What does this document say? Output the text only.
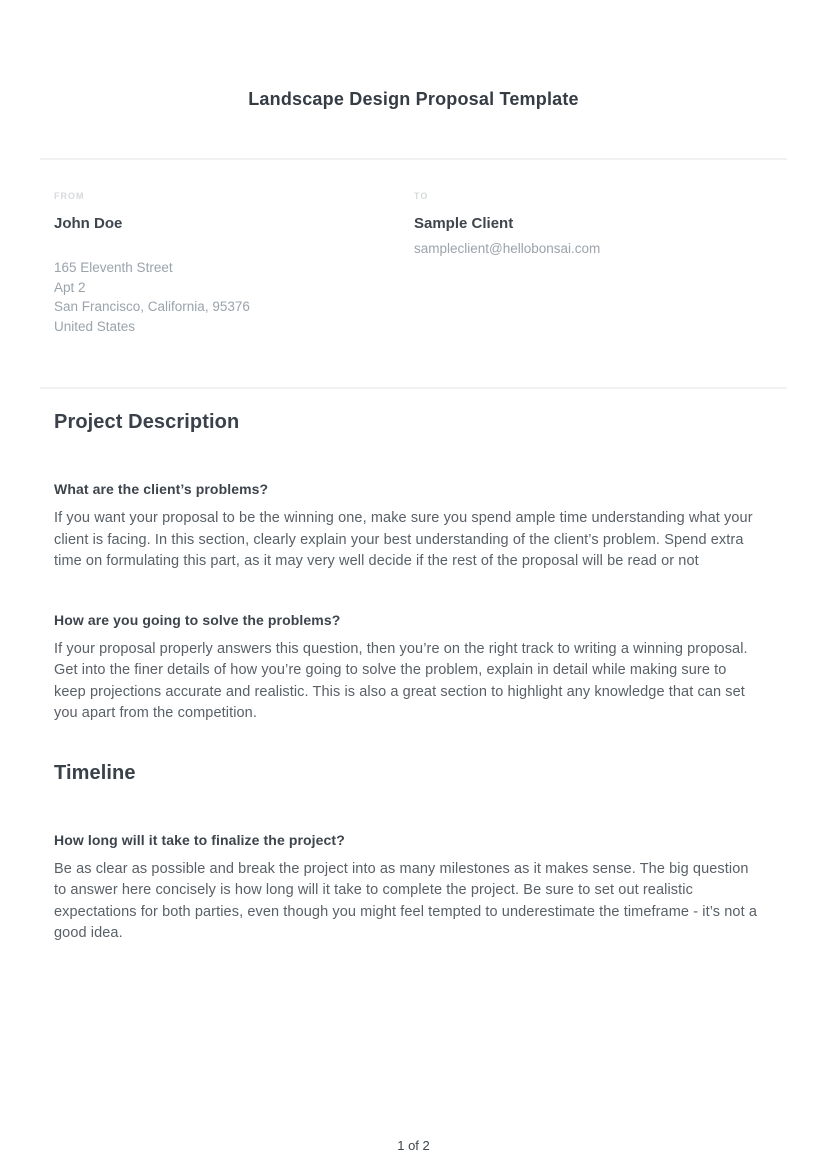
Landscape Design Proposal Template
FROM
John Doe
165 Eleventh Street
Apt 2
San Francisco, California, 95376
United States
TO
Sample Client
sampleclient@hellobonsai.com
Project Description
What are the client’s problems?

If you want your proposal to be the winning one, make sure you spend ample time understanding what your client is facing. In this section, clearly explain your best understanding of the client’s problem. Spend extra time on formulating this part, as it may very well decide if the rest of the proposal will be read or not

How are you going to solve the problems?

If your proposal properly answers this question, then you’re on the right track to writing a winning proposal. Get into the finer details of how you’re going to solve the problem, explain in detail while making sure to keep projections accurate and realistic. This is also a great section to highlight any knowledge that can set you apart from the competition.

Timeline
How long will it take to finalize the project?

Be as clear as possible and break the project into as many milestones as it makes sense. The big question to answer here concisely is how long will it take to complete the project. Be sure to set out realistic expectations for both parties, even though you might feel tempted to underestimate the timeframe - it’s not a good idea.

1 of 2
